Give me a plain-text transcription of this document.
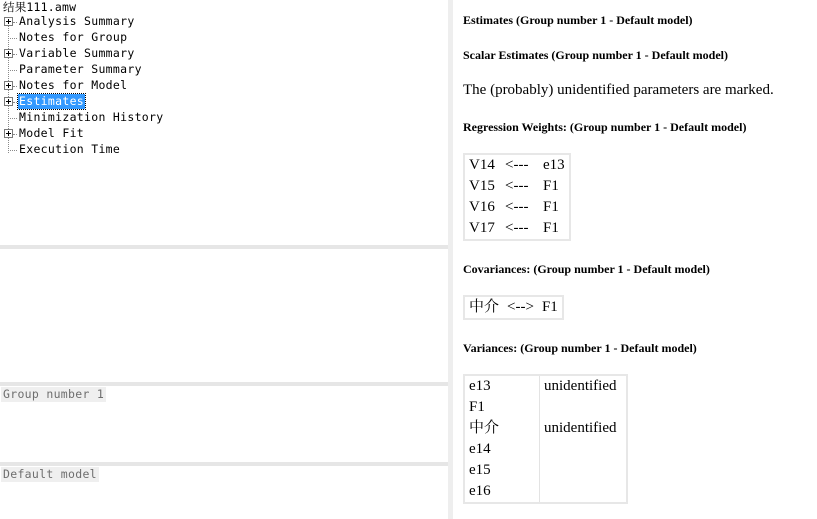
结果111.amw
Analysis Summary
Notes for Group
Variable Summary
Parameter Summary
Notes for Model
Estimates
Minimization History
Model Fit
Execution Time
Group number 1
Default model
Estimates (Group number 1 - Default model)
Scalar Estimates (Group number 1 - Default model)
The (probably) unidentified parameters are marked.
Regression Weights: (Group number 1 - Default model)
V14	<---	e13
V15	<---	F1
V16	<---	F1
V17	<---	F1
Covariances: (Group number 1 - Default model)
中介	<-->	F1
Variances: (Group number 1 - Default model)
e13	unidentified
F1	
中介	unidentified
e14	
e15	
e16	
